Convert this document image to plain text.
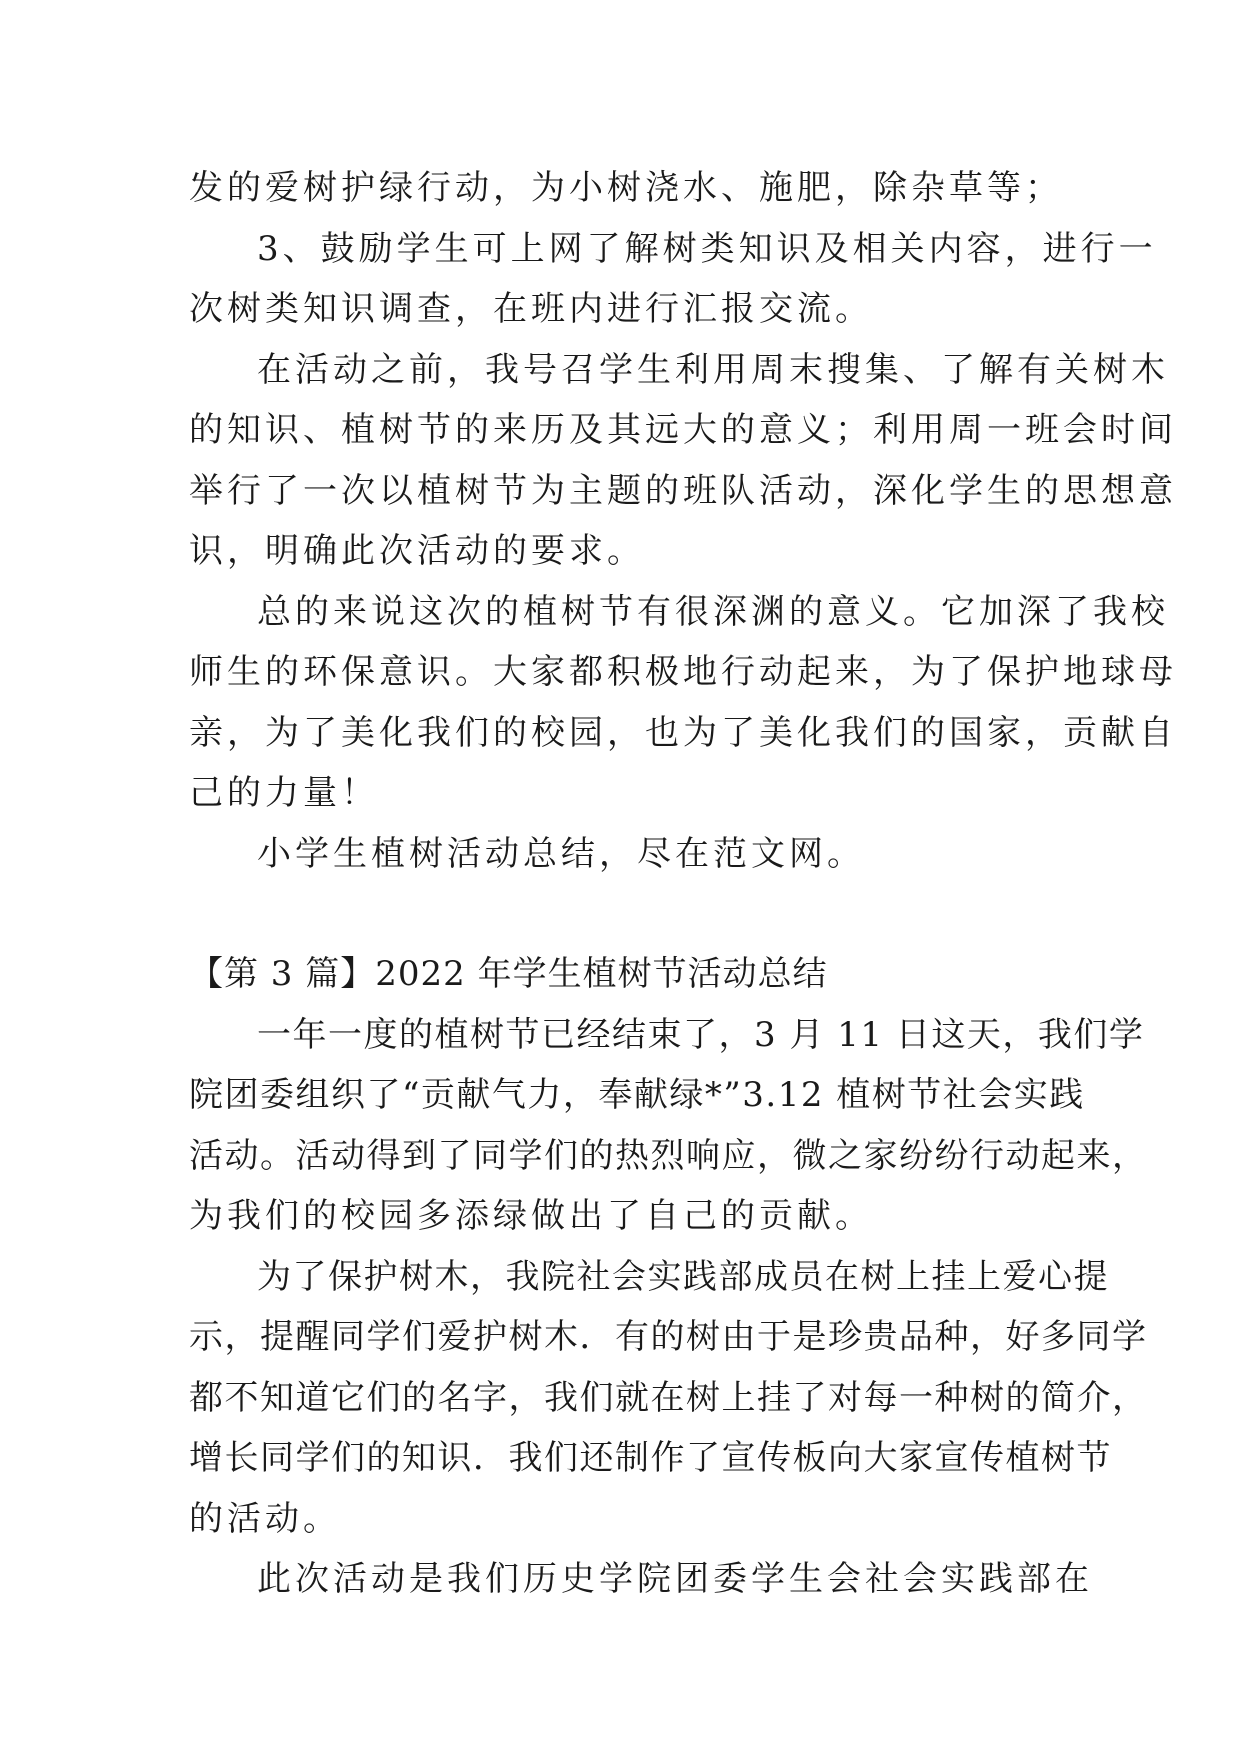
发的爱树护绿行动，为小树浇水、施肥，除杂草等；
3、鼓励学生可上网了解树类知识及相关内容，进行一
次树类知识调查，在班内进行汇报交流。
在活动之前，我号召学生利用周末搜集、了解有关树木
的知识、植树节的来历及其远大的意义；利用周一班会时间
举行了一次以植树节为主题的班队活动，深化学生的思想意
识，明确此次活动的要求。
总的来说这次的植树节有很深渊的意义。它加深了我校
师生的环保意识。大家都积极地行动起来，为了保护地球母
亲，为了美化我们的校园，也为了美化我们的国家，贡献自
己的力量！
小学生植树活动总结，尽在范文网。
【第 3 篇】2022 年学生植树节活动总结
一年一度的植树节已经结束了，3 月 11 日这天，我们学
院团委组织了“贡献气力，奉献绿*”3.12 植树节社会实践
活动。活动得到了同学们的热烈响应，微之家纷纷行动起来，
为我们的校园多添绿做出了自己的贡献。
为了保护树木，我院社会实践部成员在树上挂上爱心提
示，提醒同学们爱护树木．有的树由于是珍贵品种，好多同学
都不知道它们的名字，我们就在树上挂了对每一种树的简介，
增长同学们的知识．我们还制作了宣传板向大家宣传植树节
的活动。
此次活动是我们历史学院团委学生会社会实践部在
